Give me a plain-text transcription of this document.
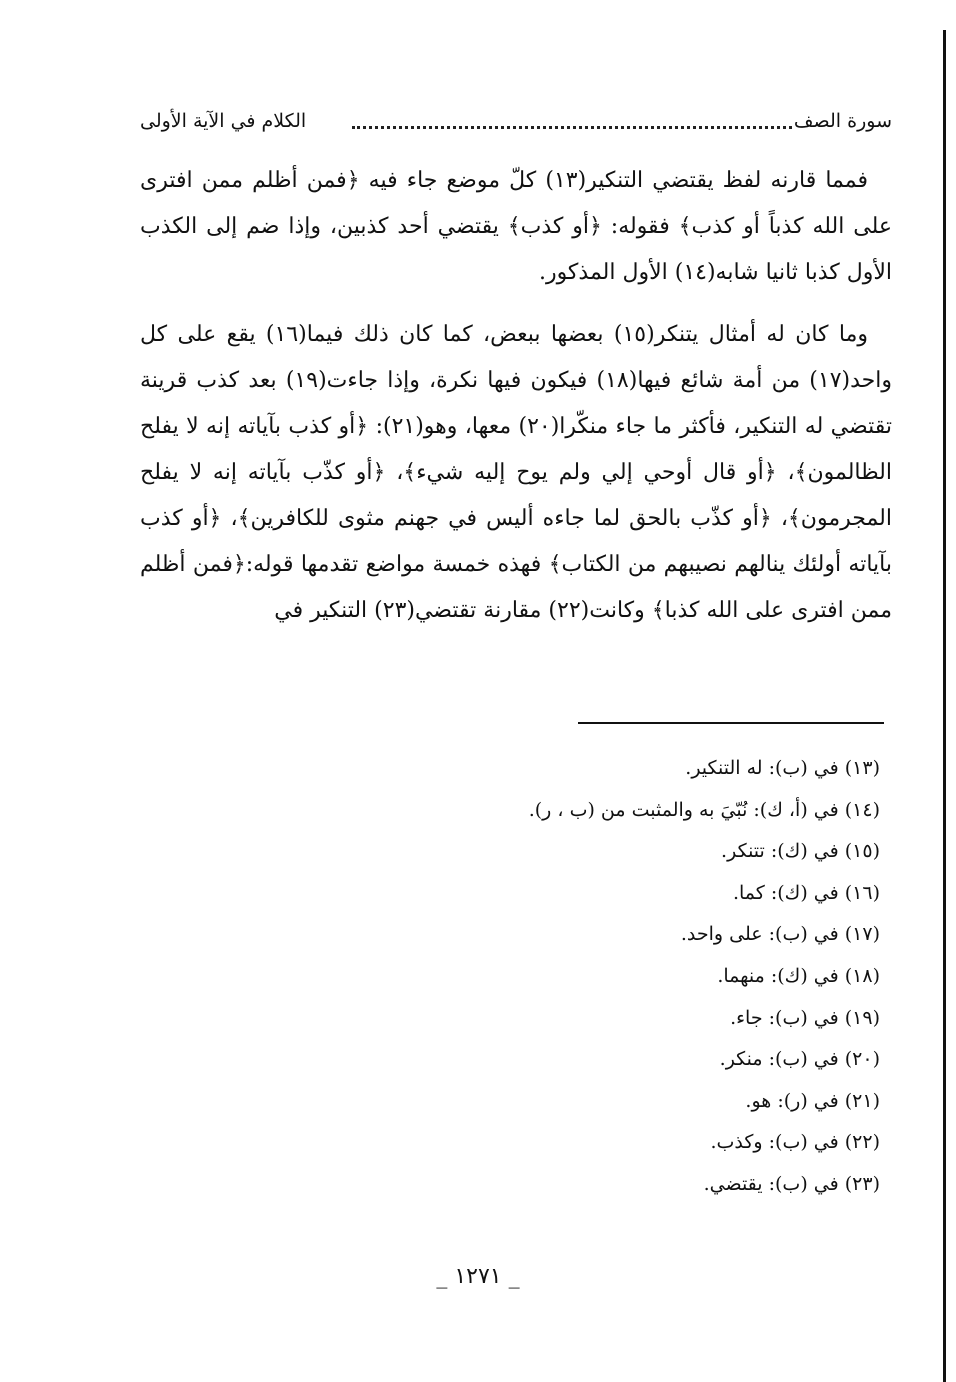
سورة الصف
الكلام في الآية الأولى

فمما قارنه لفظ يقتضي التنكير(١٣) كلّ موضع جاء فيه ﴿فمن أظلم ممن افترى على الله كذباً أو كذب﴾ فقوله: ﴿أو كذب﴾ يقتضي أحد كذبين، وإذا ضم إلى الكذب الأول كذبا ثانيا شابه(١٤) الأول المذكور.

وما كان له أمثال يتنكر(١٥) بعضها ببعض، كما كان ذلك فيما(١٦) يقع على كل واحد(١٧) من أمة شائع فيها(١٨) فيكون فيها نكرة، وإذا جاءت(١٩) بعد كذب قرينة تقتضي له التنكير، فأكثر ما جاء منكّرا(٢٠) معها، وهو(٢١): ﴿أو كذب بآياته إنه لا يفلح الظالمون﴾، ﴿أو قال أوحي إلي ولم يوح إليه شيء﴾، ﴿أو كذّب بآياته إنه لا يفلح المجرمون﴾، ﴿أو كذّب بالحق لما جاءه أليس في جهنم مثوى للكافرين﴾، ﴿أو كذب بآياته أولئك ينالهم نصيبهم من الكتاب﴾ فهذه خمسة مواضع تقدمها قوله:﴿فمن أظلم ممن افترى على الله كذبا﴾ وكانت(٢٢) مقارنة تقتضي(٢٣) التنكير في

(١٣) في (ب): له التنكير.
(١٤) في (أ، ك): نُبّيَ به والمثبت من (ب ، ر).
(١٥) في (ك): تتنكر.
(١٦) في (ك): كما.
(١٧) في (ب): على واحد.
(١٨) في (ك): منهما.
(١٩) في (ب): جاء.
(٢٠) في (ب): منكر.
(٢١) في (ر): هو.
(٢٢) في (ب): وكذب.
(٢٣) في (ب): يقتضي.
_ ١٢٧١ _
